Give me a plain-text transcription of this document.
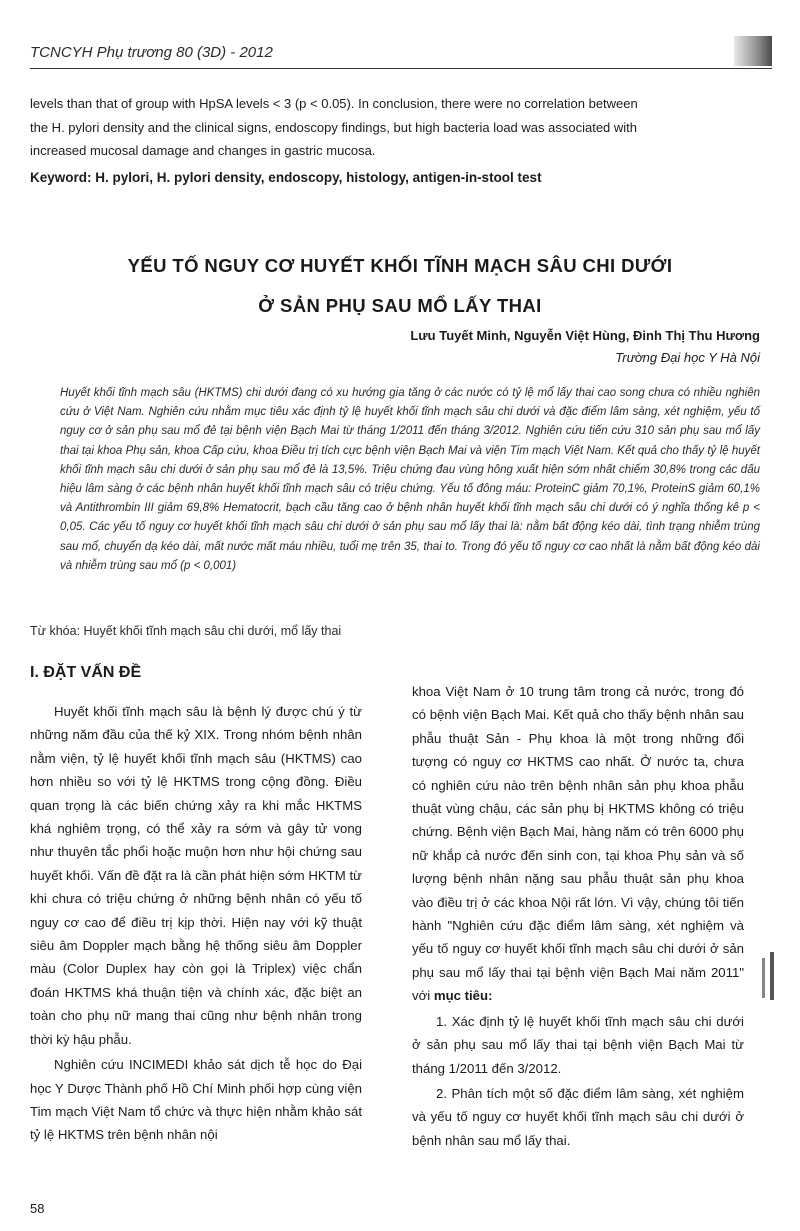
TCNCYH Phụ trương 80 (3D) - 2012
levels than that of group with HpSA levels < 3 (p < 0.05). In conclusion, there were no correlation between
the H. pylori density and the clinical signs, endoscopy findings, but high bacteria load was associated with
increased mucosal damage and changes in gastric mucosa.
Keyword: H. pylori, H. pylori density, endoscopy, histology, antigen-in-stool test
YẾU TỐ NGUY CƠ HUYẾT KHỐI TĨNH MẠCH SÂU CHI DƯỚI
Ở SẢN PHỤ SAU MỔ LẤY THAI
Lưu Tuyết Minh, Nguyễn Việt Hùng, Đinh Thị Thu Hương
Trường Đại học Y Hà Nội
Huyết khối tĩnh mạch sâu (HKTMS) chi dưới đang có xu hướng gia tăng ở các nước có tỷ lệ mổ lấy thai cao song chưa có nhiều nghiên cứu ở Việt Nam. Nghiên cứu nhằm mục tiêu xác định tỷ lệ huyết khối tĩnh mạch sâu chi dưới và đặc điểm lâm sàng, xét nghiệm, yếu tố nguy cơ ở sản phụ sau mổ đẻ tại bệnh viện Bạch Mai từ tháng 1/2011 đến tháng 3/2012. Nghiên cứu tiến cứu 310 sản phụ sau mổ lấy thai tại khoa Phụ sản, khoa Cấp cứu, khoa Điều trị tích cực bệnh viện Bạch Mai và viện Tim mạch Việt Nam. Kết quả cho thấy tỷ lệ huyết khối tĩnh mạch sâu chi dưới ở sản phụ sau mổ đẻ là 13,5%. Triệu chứng đau vùng hông xuất hiện sớm nhất chiếm 30,8% trong các dấu hiệu lâm sàng ở các bệnh nhân huyết khối tĩnh mạch sâu có triệu chứng. Yếu tố đông máu: ProteinC giảm 70,1%, ProteinS giảm 60,1% và Antithrombin III giảm 69,8% Hematocrit, bạch cầu tăng cao ở bệnh nhân huyết khối tĩnh mạch sâu chi dưới có ý nghĩa thống kê p < 0,05. Các yếu tố nguy cơ huyết khối tĩnh mạch sâu chi dưới ở sản phụ sau mổ lấy thai là: nằm bất động kéo dài, tình trạng nhiễm trùng sau mổ, chuyển dạ kéo dài, mất nước mất máu nhiều, tuổi mẹ trên 35, thai to. Trong đó yếu tố nguy cơ cao nhất là nằm bất động kéo dài và nhiễm trùng sau mổ (p < 0,001)
Từ khóa: Huyết khối tĩnh mạch sâu chi dưới, mổ lấy thai
I. ĐẶT VẤN ĐỀ

Huyết khối tĩnh mạch sâu là bệnh lý được chú ý từ những năm đầu của thế kỷ XIX. Trong nhóm bệnh nhân nằm viện, tỷ lệ huyết khối tĩnh mạch sâu (HKTMS) cao hơn nhiều so với tỷ lệ HKTMS trong cộng đồng. Điều quan trọng là các biến chứng xảy ra khi mắc HKTMS khá nghiêm trọng, có thể xảy ra sớm và gây tử vong như thuyên tắc phổi hoặc muộn hơn như hội chứng sau huyết khối. Vấn đề đặt ra là cần phát hiện sớm HKTM từ khi chưa có triệu chứng ở những bệnh nhân có yếu tố nguy cơ cao để điều trị kịp thời. Hiện nay với kỹ thuật siêu âm Doppler mạch bằng hệ thống siêu âm Doppler màu (Color Duplex hay còn gọi là Triplex) việc chẩn đoán HKTMS khá thuận tiện và chính xác, đặc biệt an toàn cho phụ nữ mang thai cũng như bệnh nhân trong thời kỳ hậu phẫu.

Nghiên cứu INCIMEDI khảo sát dịch tễ học do Đại học Y Dược Thành phố Hồ Chí Minh phối hợp cùng viện Tim mạch Việt Nam tổ chức và thực hiện nhằm khảo sát tỷ lệ HKTMS trên bệnh nhân nội

khoa Việt Nam ở 10 trung tâm trong cả nước, trong đó có bệnh viện Bạch Mai. Kết quả cho thấy bệnh nhân sau phẫu thuật Sản - Phụ khoa là một trong những đối tượng có nguy cơ HKTMS cao nhất. Ở nước ta, chưa có nghiên cứu nào trên bệnh nhân sản phụ khoa phẫu thuật vùng chậu, các sản phụ bị HKTMS không có triệu chứng. Bệnh viện Bạch Mai, hàng năm có trên 6000 phụ nữ khắp cả nước đến sinh con, tại khoa Phụ sản và số lượng bệnh nhân nặng sau phẫu thuật sản phụ khoa vào điều trị ở các khoa Nội rất lớn. Vì vậy, chúng tôi tiến hành "Nghiên cứu đặc điểm lâm sàng, xét nghiệm và yếu tố nguy cơ huyết khối tĩnh mạch sâu chi dưới ở sản phụ sau mổ lấy thai tại bệnh viện Bạch Mai năm 2011" với mục tiêu:

1. Xác định tỷ lệ huyết khối tĩnh mạch sâu chi dưới ở sản phụ sau mổ lấy thai tại bệnh viện Bạch Mai từ tháng 1/2011 đến 3/2012.

2. Phân tích một số đặc điểm lâm sàng, xét nghiệm và yếu tố nguy cơ huyết khối tĩnh mạch sâu chi dưới ở bệnh nhân sau mổ lấy thai.

58
